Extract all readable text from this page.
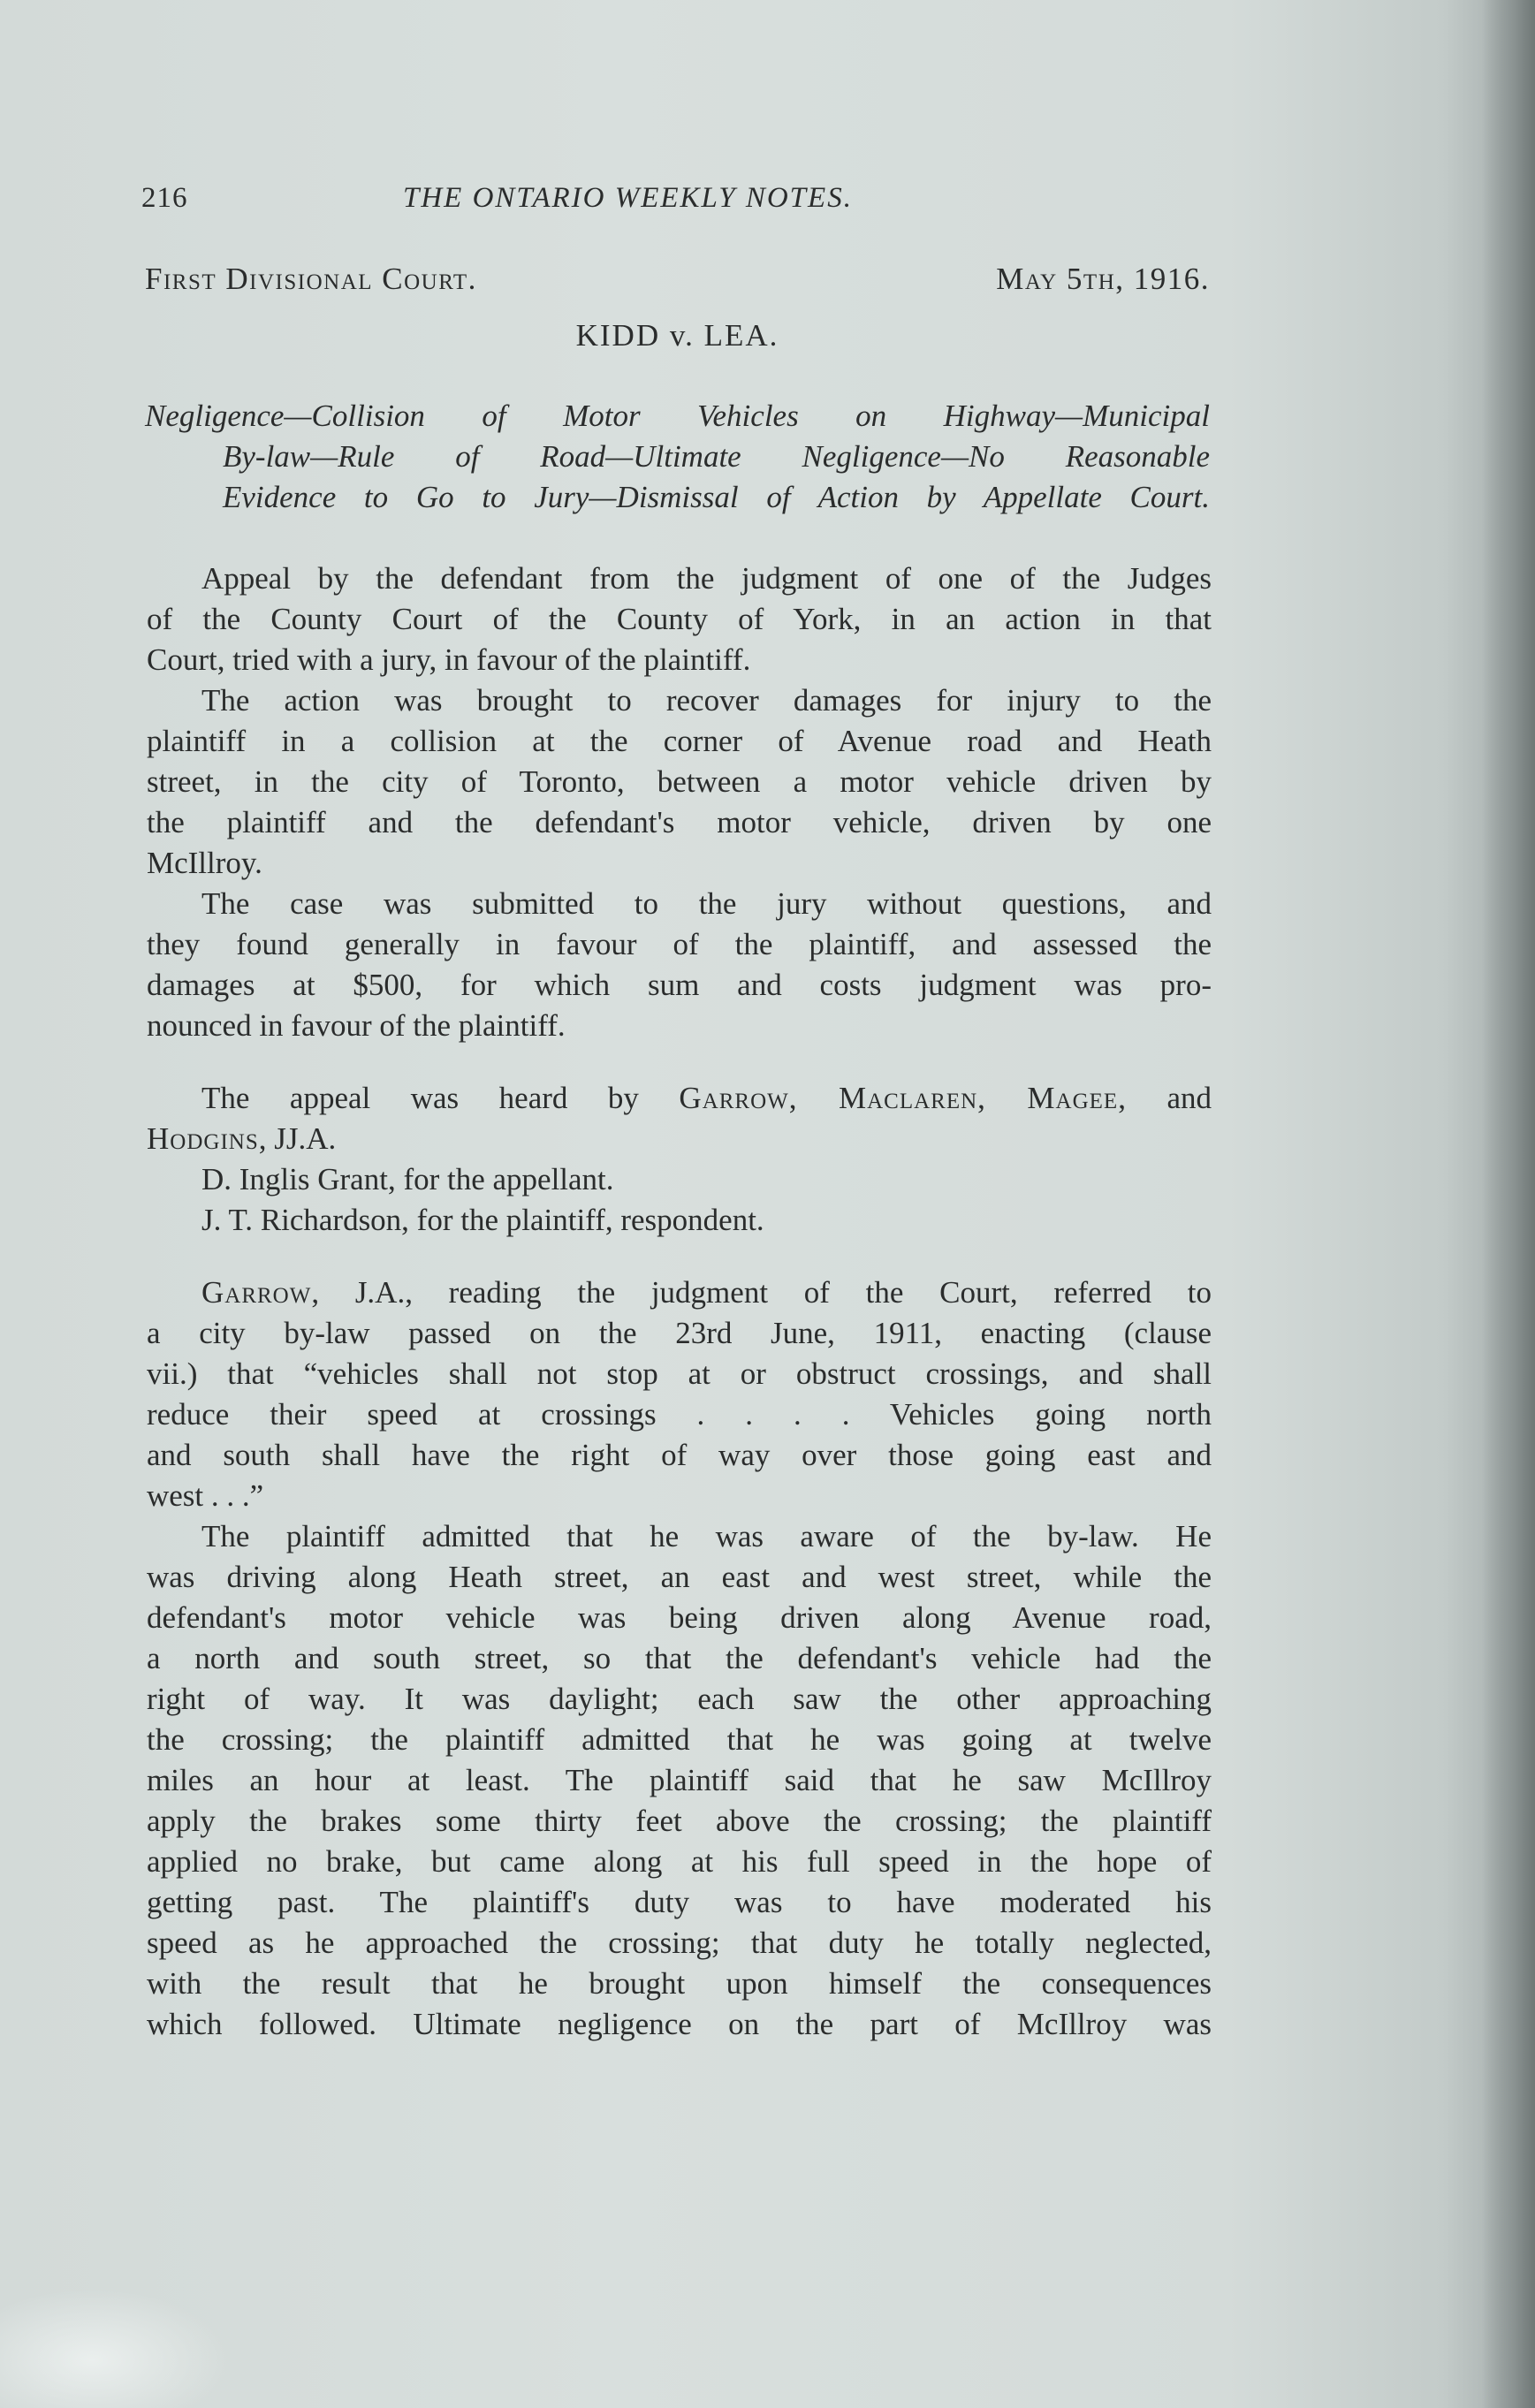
216	THE ONTARIO WEEKLY NOTES.
First Divisional Court.	May 5th, 1916.
KIDD v. LEA.
Negligence—Collision of Motor Vehicles on Highway—Municipal
By-law—Rule of Road—Ultimate Negligence—No Reasonable
Evidence to Go to Jury—Dismissal of Action by Appellate Court.
Appeal by the defendant from the judgment of one of the Judges
of the County Court of the County of York, in an action in that
Court, tried with a jury, in favour of the plaintiff.
The action was brought to recover damages for injury to the
plaintiff in a collision at the corner of Avenue road and Heath
street, in the city of Toronto, between a motor vehicle driven by
the plaintiff and the defendant's motor vehicle, driven by one
McIllroy.
The case was submitted to the jury without questions, and
they found generally in favour of the plaintiff, and assessed the
damages at $500, for which sum and costs judgment was pro-
nounced in favour of the plaintiff.
The appeal was heard by Garrow, Maclaren, Magee, and
Hodgins, JJ.A.
D. Inglis Grant, for the appellant.
J. T. Richardson, for the plaintiff, respondent.
Garrow, J.A., reading the judgment of the Court, referred to
a city by-law passed on the 23rd June, 1911, enacting (clause
vii.) that “vehicles shall not stop at or obstruct crossings, and shall
reduce their speed at crossings . . . . Vehicles going north
and south shall have the right of way over those going east and
west . . .”
The plaintiff admitted that he was aware of the by-law. He
was driving along Heath street, an east and west street, while the
defendant's motor vehicle was being driven along Avenue road,
a north and south street, so that the defendant's vehicle had the
right of way. It was daylight; each saw the other approaching
the crossing; the plaintiff admitted that he was going at twelve
miles an hour at least. The plaintiff said that he saw McIllroy
apply the brakes some thirty feet above the crossing; the plaintiff
applied no brake, but came along at his full speed in the hope of
getting past. The plaintiff's duty was to have moderated his
speed as he approached the crossing; that duty he totally neglected,
with the result that he brought upon himself the consequences
which followed. Ultimate negligence on the part of McIllroy was
